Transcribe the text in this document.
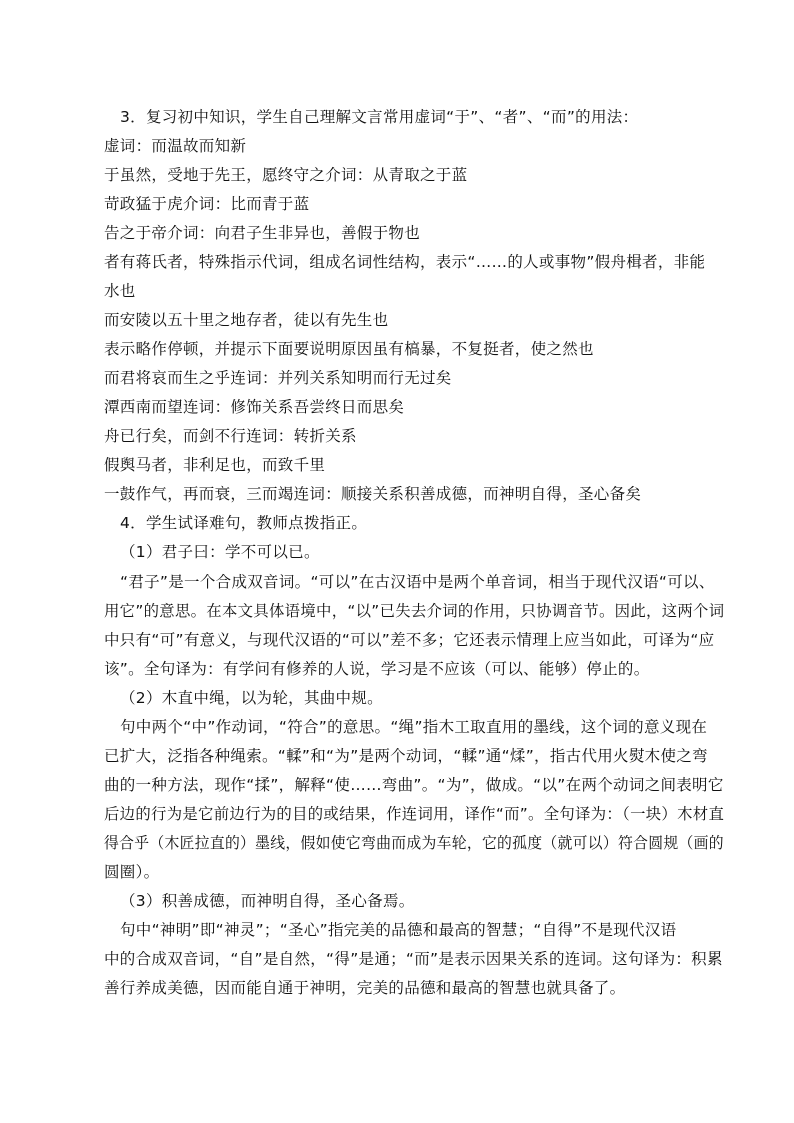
3．复习初中知识，学生自己理解文言常用虚词“于”、“者”、“而”的用法：
虚词：而温故而知新
于虽然，受地于先王，愿终守之介词：从青取之于蓝
苛政猛于虎介词：比而青于蓝
告之于帝介词：向君子生非异也，善假于物也
者有蒋氏者，特殊指示代词，组成名词性结构，表示“……的人或事物”假舟楫者，非能
水也
而安陵以五十里之地存者，徒以有先生也
表示略作停顿，并提示下面要说明原因虽有槁暴，不复挺者，使之然也
而君将哀而生之乎连词：并列关系知明而行无过矣
潭西南而望连词：修饰关系吾尝终日而思矣
舟已行矣，而剑不行连词：转折关系
假舆马者，非利足也，而致千里
一鼓作气，再而衰，三而竭连词：顺接关系积善成德，而神明自得，圣心备矣
4．学生试译难句，教师点拨指正。
（1）君子曰：学不可以已。
“君子”是一个合成双音词。“可以”在古汉语中是两个单音词，相当于现代汉语“可以、
用它”的意思。在本文具体语境中，“以”已失去介词的作用，只协调音节。因此，这两个词
中只有“可”有意义，与现代汉语的“可以”差不多；它还表示情理上应当如此，可译为“应
该”。全句译为：有学问有修养的人说，学习是不应该（可以、能够）停止的。
（2）木直中绳，以为轮，其曲中规。
句中两个“中”作动词，“符合”的意思。“绳”指木工取直用的墨线，这个词的意义现在
已扩大，泛指各种绳索。“輮”和“为”是两个动词，“輮”通“煣”，指古代用火熨木使之弯
曲的一种方法，现作“揉”，解释“使……弯曲”。“为”，做成。“以”在两个动词之间表明它
后边的行为是它前边行为的目的或结果，作连词用，译作“而”。全句译为：（一块）木材直
得合乎（木匠拉直的）墨线，假如使它弯曲而成为车轮，它的孤度（就可以）符合圆规（画的
圆圈）。
（3）积善成德，而神明自得，圣心备焉。
句中“神明”即“神灵”；“圣心”指完美的品德和最高的智慧；“自得”不是现代汉语
中的合成双音词，“自”是自然，“得”是通；“而”是表示因果关系的连词。这句译为：积累
善行养成美德，因而能自通于神明，完美的品德和最高的智慧也就具备了。
